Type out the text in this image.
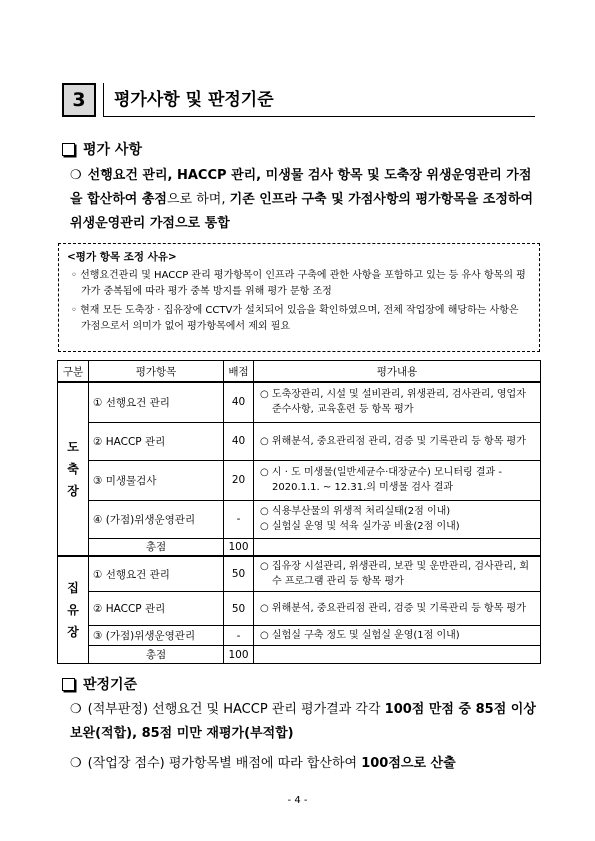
3	평가사항 및 판정기준
평가 사항
❍ 선행요건 관리, HACCP 관리, 미생물 검사 항목 및 도축장 위생운영관리 가점을 합산하여 총점으로 하며, 기존 인프라 구축 및 가점사항의 평가항목을 조정하여 위생운영관리 가점으로 통합
<평가 항목 조정 사유>
◦ 선행요건관리 및 HACCP 관리 평가항목이 인프라 구축에 관한 사항을 포함하고 있는 등 유사 항목의 평가가 중복됨에 따라 평가 중복 방지를 위해 평가 문항 조정
◦ 현재 모든 도축장 · 집유장에 CCTV가 설치되어 있음을 확인하였으며, 전체 작업장에 해당하는 사항은 가점으로서 의미가 없어 평가항목에서 제외 필요
구분	평가항목	배점	평가내용
도
축
장	① 선행요건 관리	40	○ 도축장관리, 시설 및 설비관리, 위생관리, 검사관리, 영업자 준수사항, 교육훈련 등 항목 평가

	② HACCP 관리	40	○ 위해분석, 중요관리점 관리, 검증 및 기록관리 등 항목 평가

	③ 미생물검사	20	○ 시 · 도 미생물(일반세균수·대장균수) 모니터링 결과 - 2020.1.1. ~ 12.31.의 미생물 검사 결과

	④ (가점)위생운영관리	-	○ 식용부산물의 위생적 처리실태(2점 이내)
○ 실험실 운영 및 석육 실가공 비율(2점 이내)

	총점	100	
집
유
장	① 선행요건 관리	50	○ 집유장 시설관리, 위생관리, 보관 및 운반관리, 검사관리, 회수 프로그램 관리 등 항목 평가

	② HACCP 관리	50	○ 위해분석, 중요관리점 관리, 검증 및 기록관리 등 항목 평가

	③ (가점)위생운영관리	-	○ 실험실 구축 정도 및 실험실 운영(1점 이내)

	총점	100	
판정기준
❍ (적부판정) 선행요건 및 HACCP 관리 평가결과 각각 100점 만점 중 85점 이상 보완(적합), 85점 미만 재평가(부적합)
❍ (작업장 점수) 평가항목별 배점에 따라 합산하여 100점으로 산출
- 4 -
